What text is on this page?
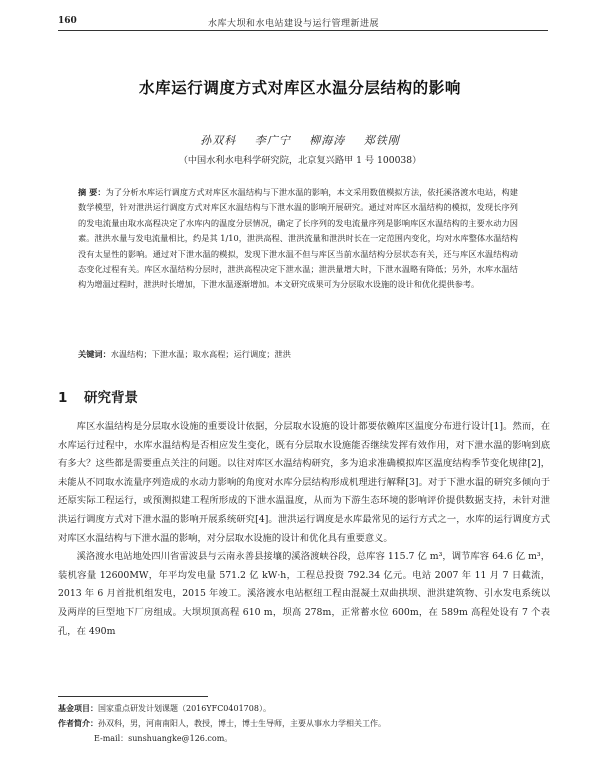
160	水库大坝和水电站建设与运行管理新进展
水库运行调度方式对库区水温分层结构的影响
孙双科 李广宁 柳海涛 郑铁刚
（中国水利水电科学研究院，北京复兴路甲 1 号 100038）
摘 要：为了分析水库运行调度方式对库区水温结构与下泄水温的影响，本文采用数值模拟方法，依托溪洛渡水电站，构建数学模型，针对泄洪运行调度方式对库区水温结构与下泄水温的影响开展研究。通过对库区水温结构的模拟，发现长序列的发电流量由取水高程决定了水库内的温度分层情况，确定了长序列的发电流量序列是影响库区水温结构的主要水动力因素。泄洪水量与发电流量相比，约是其 1/10，泄洪高程、泄洪流量和泄洪时长在一定范围内变化，均对水库整体水温结构没有太显性的影响。通过对下泄水温的模拟，发现下泄水温不但与库区当前水温结构分层状态有关，还与库区水温结构动态变化过程有关。库区水温结构分层时，泄洪高程决定下泄水温；泄洪量增大时，下泄水温略有降低；另外，水库水温结构为增温过程时，泄洪时长增加，下泄水温逐渐增加。本文研究成果可为分层取水设施的设计和优化提供参考。
关键词：水温结构；下泄水温；取水高程；运行调度；泄洪
1 研究背景

库区水温结构是分层取水设施的重要设计依据，分层取水设施的设计都要依赖库区温度分布进行设计[1]。然而，在水库运行过程中，水库水温结构是否相应发生变化，既有分层取水设施能否继续发挥有效作用，对下泄水温的影响到底有多大？这些都是需要重点关注的问题。以往对库区水温结构研究，多为追求准确模拟库区温度结构季节变化规律[2]，未能从不同取水流量序列造成的水动力影响的角度对水库分层结构形成机理进行解释[3]。对于下泄水温的研究多倾向于还原实际工程运行，或预测拟建工程所形成的下泄水温温度，从而为下游生态环境的影响评价提供数据支持，未针对泄洪运行调度方式对下泄水温的影响开展系统研究[4]。泄洪运行调度是水库最常见的运行方式之一，水库的运行调度方式对库区水温结构与下泄水温的影响，对分层取水设施的设计和优化具有重要意义。

溪洛渡水电站地处四川省雷波县与云南永善县接壤的溪洛渡峡谷段，总库容 115.7 亿 m³，调节库容 64.6 亿 m³，装机容量 12600MW，年平均发电量 571.2 亿 kW·h，工程总投资 792.34 亿元。电站 2007 年 11 月 7 日截流，2013 年 6 月首批机组发电，2015 年竣工。溪洛渡水电站枢纽工程由混凝土双曲拱坝、泄洪建筑物、引水发电系统以及两岸的巨型地下厂房组成。大坝坝顶高程 610 m，坝高 278m，正常蓄水位 600m，在 589m 高程处设有 7 个表孔，在 490m

基金项目：国家重点研发计划课题（2016YFC0401708）。
作者简介：孙双科，男，河南南阳人，教授，博士，博士生导师，主要从事水力学相关工作。
E-mail：sunshuangke@126.com。
